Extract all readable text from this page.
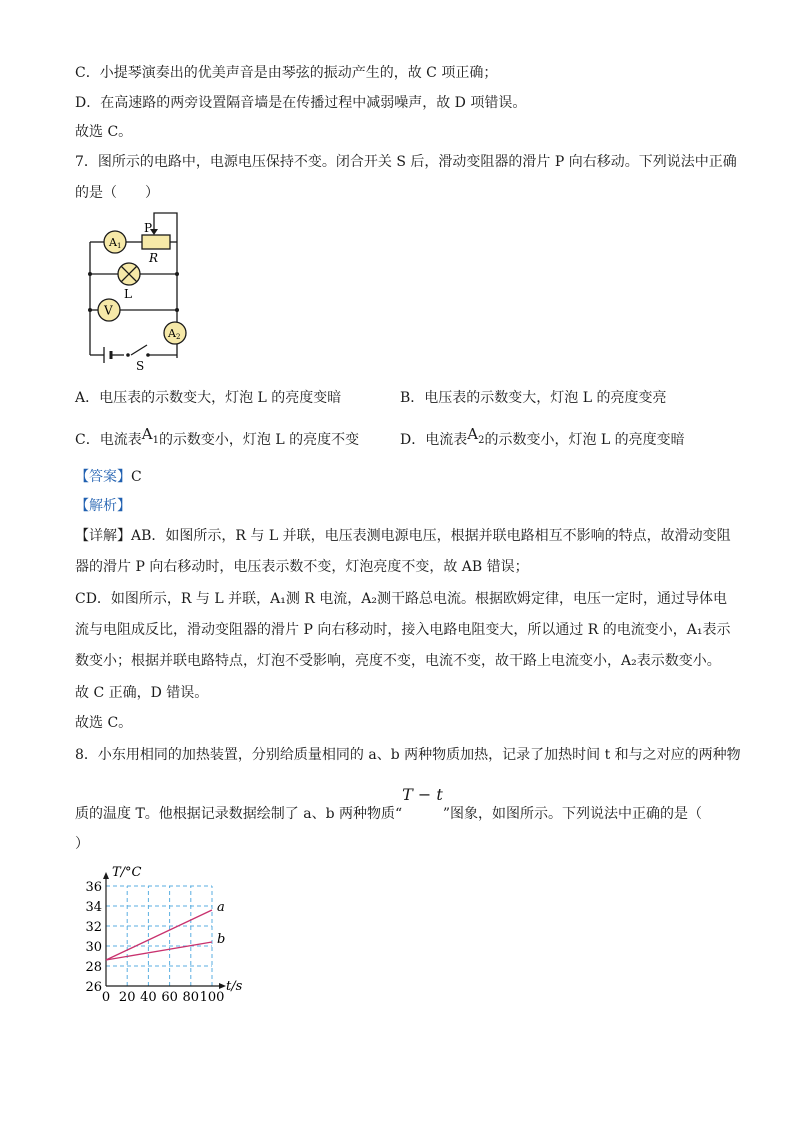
C．小提琴演奏出的优美声音是由琴弦的振动产生的，故 C 项正确；
D．在高速路的两旁设置隔音墙是在传播过程中减弱噪声，故 D 项错误。
故选 C。
7．图所示的电路中，电源电压保持不变。闭合开关 S 后，滑动变阻器的滑片 P 向右移动。下列说法中正确
的是（　　）
P
R
A 1
L
V
A 2
S
A．电压表的示数变大，灯泡 L 的亮度变暗	B．电压表的示数变大，灯泡 L 的亮度变亮
C．电流表A1的示数变小，灯泡 L 的亮度不变	D．电流表A2的示数变小，灯泡 L 的亮度变暗
【答案】C
【解析】
【详解】AB．如图所示，R 与 L 并联，电压表测电源电压，根据并联电路相互不影响的特点，故滑动变阻
器的滑片 P 向右移动时，电压表示数不变，灯泡亮度不变，故 AB 错误；
CD．如图所示，R 与 L 并联，A₁测 R 电流，A₂测干路总电流。根据欧姆定律，电压一定时，通过导体电
流与电阻成反比，滑动变阻器的滑片 P 向右移动时，接入电路电阻变大，所以通过 R 的电流变小，A₁表示
数变小；根据并联电路特点，灯泡不受影响，亮度不变，电流不变，故干路上电流变小，A₂表示数变小。
故 C 正确，D 错误。
故选 C。
8．小东用相同的加热装置，分别给质量相同的 a、b 两种物质加热，记录了加热时间 t 和与之对应的两种物
质的温度 T。他根据记录数据绘制了 a、b 两种物质“T − t”图象，如图所示。下列说法中正确的是（
）
0 20 40 60 80 100
26
28
30
32
34
36
T/°C
t/s
a
b
